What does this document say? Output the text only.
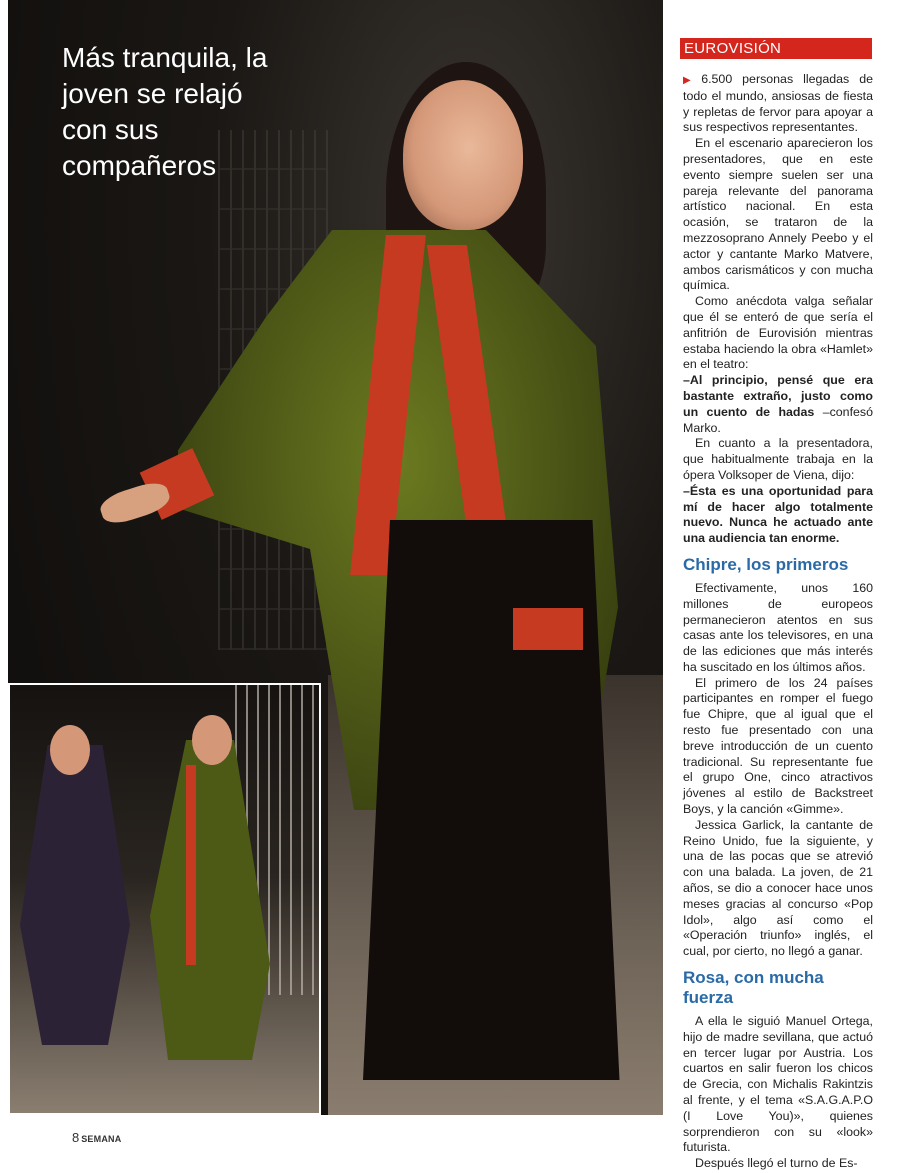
Más tranquila, la joven se relajó con sus compañeros
EUROVISIÓN

▶ 6.500 personas llegadas de todo el mundo, ansiosas de fiesta y repletas de fervor para apoyar a sus respectivos representantes.

En el escenario aparecieron los presentadores, que en este evento siempre suelen ser una pareja relevante del panorama artístico nacional. En esta ocasión, se trataron de la mezzosoprano Annely Peebo y el actor y cantante Marko Matvere, ambos carismáticos y con mucha química.

Como anécdota valga señalar que él se enteró de que sería el anfitrión de Eurovisión mientras estaba haciendo la obra «Hamlet» en el teatro:

–Al principio, pensé que era bastante extraño, justo como un cuento de hadas –confesó Marko.

En cuanto a la presentadora, que habitualmente trabaja en la ópera Volksoper de Viena, dijo:

–Ésta es una oportunidad para mí de hacer algo totalmente nuevo. Nunca he actuado ante una audiencia tan enorme.

Chipre, los primeros

Efectivamente, unos 160 millones de europeos permanecieron atentos en sus casas ante los televisores, en una de las ediciones que más interés ha suscitado en los últimos años.

El primero de los 24 países participantes en romper el fuego fue Chipre, que al igual que el resto fue presentado con una breve introducción de un cuento tradicional. Su representante fue el grupo One, cinco atractivos jóvenes al estilo de Backstreet Boys, y la canción «Gimme».

Jessica Garlick, la cantante de Reino Unido, fue la siguiente, y una de las pocas que se atrevió con una balada. La joven, de 21 años, se dio a conocer hace unos meses gracias al concurso «Pop Idol», algo así como el «Operación triunfo» inglés, el cual, por cierto, no llegó a ganar.

Rosa, con mucha fuerza

A ella le siguió Manuel Ortega, hijo de madre sevillana, que actuó en tercer lugar por Austria. Los cuartos en salir fueron los chicos de Grecia, con Michalis Rakintzis al frente, y el tema «S.A.G.A.P.O (I Love You)», quienes sorprendieron con su «look» futurista.

Después llegó el turno de Es-

8 SEMANA
